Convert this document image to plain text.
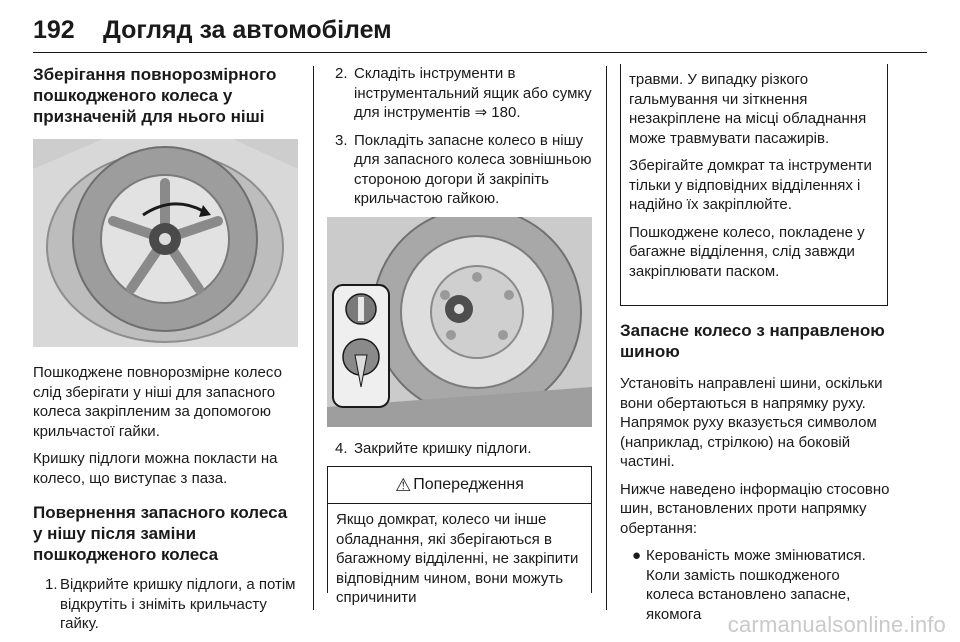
192 Догляд за автомобілем
Зберігання повнорозмірного пошкодженого колеса у призначеній для нього ніші

Пошкоджене повнорозмірне колесо слід зберігати у ніші для запасного колеса закріпленим за допомогою крильчастої гайки.

Кришку підлоги можна покласти на колесо, що виступає з паза.

Повернення запасного колеса у нішу після заміни пошкодженого колеса
1. Відкрийте кришку підлоги, а потім відкрутіть і зніміть крильчасту гайку.
2. Складіть інструменти в інструментальний ящик або сумку для інструментів ⇒ 180.
3. Покладіть запасне колесо в нішу для запасного колеса зовнішньою стороною догори й закріпіть крильчастою гайкою.
4. Закрийте кришку підлоги.
⚠ Попередження

Якщо домкрат, колесо чи інше обладнання, які зберігаються в багажному відділенні, не закріпити відповідним чином, вони можуть спричинити

травми. У випадку різкого гальмування чи зіткнення незакріплене на місці обладнання може травмувати пасажирів.

Зберігайте домкрат та інструменти тільки у відповідних відділеннях і надійно їх закріплюйте.

Пошкоджене колесо, покладене у багажне відділення, слід завжди закріплювати паском.

Запасне колесо з направленою шиною

Установіть направлені шини, оскільки вони обертаються в напрямку руху. Напрямок руху вказується символом (наприклад, стрілкою) на боковій частині.

Нижче наведено інформацію стосовно шин, встановлених проти напрямку обертання:

● Керованість може змінюватися. Коли замість пошкодженого колеса встановлено запасне, якомога	carmanualsonline.info
